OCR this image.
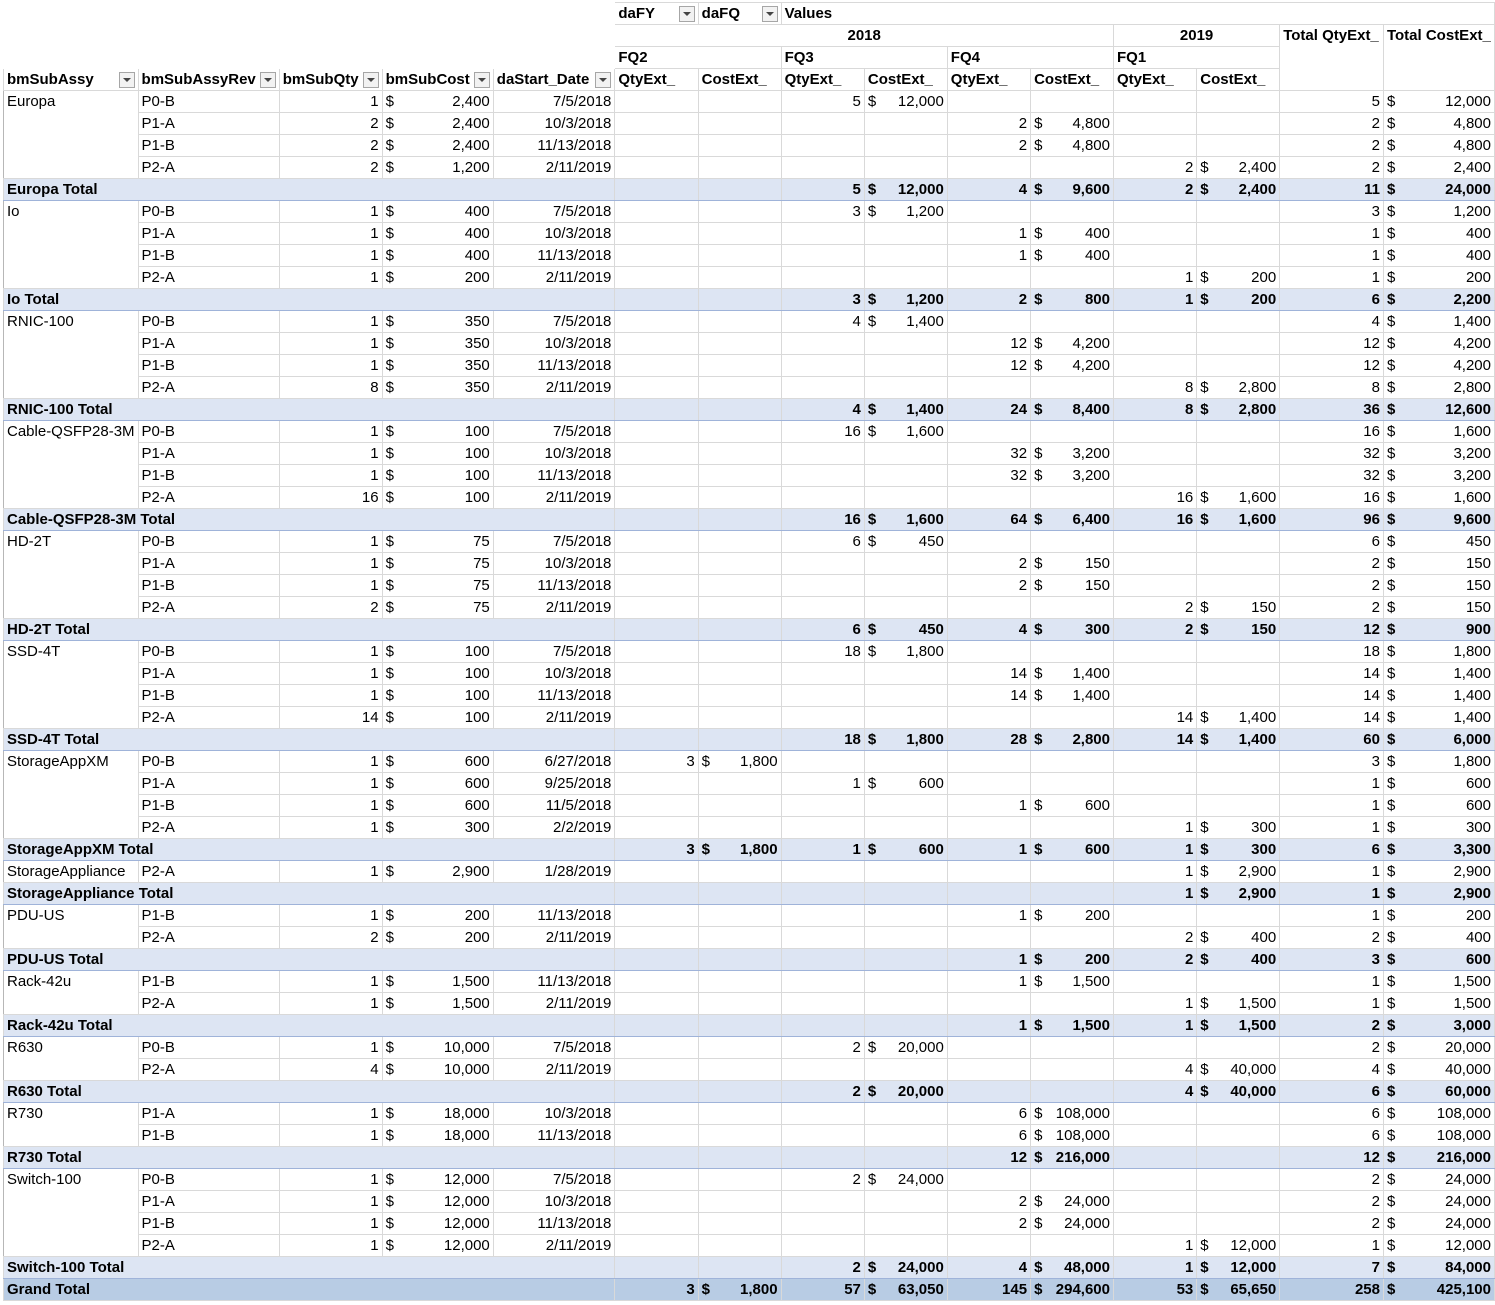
					daFY	daFQ	Values							
					2018						2019		Total QtyExt_	Total CostExt_
					FQ2		FQ3		FQ4		FQ1			

bmSubAssy	bmSubAssyRev	bmSubQty	bmSubCost	daStart_Date	QtyExt_	CostExt_	QtyExt_	CostExt_	QtyExt_	CostExt_	QtyExt_	CostExt_		
Europa	P0-B	1	$ 2,400	7/5/2018			5	$ 12,000					5	$ 12,000

	P1-A	2	$ 2,400	10/3/2018					2	$ 4,800			2	$ 4,800

	P1-B	2	$ 2,400	11/13/2018					2	$ 4,800			2	$ 4,800

	P2-A	2	$ 1,200	2/11/2019							2	$ 2,400	2	$ 2,400

Europa Total							5	$ 12,000	4	$ 9,600	2	$ 2,400	11	$ 24,000

Io	P0-B	1	$ 400	7/5/2018			3	$ 1,200					3	$ 1,200

	P1-A	1	$ 400	10/3/2018					1	$ 400			1	$ 400

	P1-B	1	$ 400	11/13/2018					1	$ 400			1	$ 400

	P2-A	1	$ 200	2/11/2019							1	$ 200	1	$ 200

Io Total							3	$ 1,200	2	$ 800	1	$ 200	6	$ 2,200

RNIC-100	P0-B	1	$ 350	7/5/2018			4	$ 1,400					4	$ 1,400

	P1-A	1	$ 350	10/3/2018					12	$ 4,200			12	$ 4,200

	P1-B	1	$ 350	11/13/2018					12	$ 4,200			12	$ 4,200

	P2-A	8	$ 350	2/11/2019							8	$ 2,800	8	$ 2,800

RNIC-100 Total							4	$ 1,400	24	$ 8,400	8	$ 2,800	36	$ 12,600

Cable-QSFP28-3M	P0-B	1	$ 100	7/5/2018			16	$ 1,600					16	$ 1,600

	P1-A	1	$ 100	10/3/2018					32	$ 3,200			32	$ 3,200

	P1-B	1	$ 100	11/13/2018					32	$ 3,200			32	$ 3,200

	P2-A	16	$ 100	2/11/2019							16	$ 1,600	16	$ 1,600

Cable-QSFP28-3M Total							16	$ 1,600	64	$ 6,400	16	$ 1,600	96	$ 9,600

HD-2T	P0-B	1	$ 75	7/5/2018			6	$ 450					6	$ 450

	P1-A	1	$ 75	10/3/2018					2	$ 150			2	$ 150

	P1-B	1	$ 75	11/13/2018					2	$ 150			2	$ 150

	P2-A	2	$ 75	2/11/2019							2	$ 150	2	$ 150

HD-2T Total							6	$ 450	4	$ 300	2	$ 150	12	$ 900

SSD-4T	P0-B	1	$ 100	7/5/2018			18	$ 1,800					18	$ 1,800

	P1-A	1	$ 100	10/3/2018					14	$ 1,400			14	$ 1,400

	P1-B	1	$ 100	11/13/2018					14	$ 1,400			14	$ 1,400

	P2-A	14	$ 100	2/11/2019							14	$ 1,400	14	$ 1,400

SSD-4T Total							18	$ 1,800	28	$ 2,800	14	$ 1,400	60	$ 6,000

StorageAppXM	P0-B	1	$ 600	6/27/2018	3	$ 1,800							3	$ 1,800

	P1-A	1	$ 600	9/25/2018			1	$ 600					1	$ 600

	P1-B	1	$ 600	11/5/2018					1	$ 600			1	$ 600

	P2-A	1	$ 300	2/2/2019							1	$ 300	1	$ 300

StorageAppXM Total					3	$ 1,800	1	$ 600	1	$ 600	1	$ 300	6	$ 3,300

StorageAppliance	P2-A	1	$ 2,900	1/28/2019							1	$ 2,900	1	$ 2,900

StorageAppliance Total											1	$ 2,900	1	$ 2,900

PDU-US	P1-B	1	$ 200	11/13/2018					1	$ 200			1	$ 200

	P2-A	2	$ 200	2/11/2019							2	$ 400	2	$ 400

PDU-US Total									1	$ 200	2	$ 400	3	$ 600

Rack-42u	P1-B	1	$ 1,500	11/13/2018					1	$ 1,500			1	$ 1,500

	P2-A	1	$ 1,500	2/11/2019							1	$ 1,500	1	$ 1,500

Rack-42u Total									1	$ 1,500	1	$ 1,500	2	$ 3,000

R630	P0-B	1	$ 10,000	7/5/2018			2	$ 20,000					2	$ 20,000

	P2-A	4	$ 10,000	2/11/2019							4	$ 40,000	4	$ 40,000

R630 Total							2	$ 20,000			4	$ 40,000	6	$ 60,000

R730	P1-A	1	$ 18,000	10/3/2018					6	$ 108,000			6	$ 108,000

	P1-B	1	$ 18,000	11/13/2018					6	$ 108,000			6	$ 108,000

R730 Total									12	$ 216,000			12	$ 216,000

Switch-100	P0-B	1	$ 12,000	7/5/2018			2	$ 24,000					2	$ 24,000

	P1-A	1	$ 12,000	10/3/2018					2	$ 24,000			2	$ 24,000

	P1-B	1	$ 12,000	11/13/2018					2	$ 24,000			2	$ 24,000

	P2-A	1	$ 12,000	2/11/2019							1	$ 12,000	1	$ 12,000

Switch-100 Total							2	$ 24,000	4	$ 48,000	1	$ 12,000	7	$ 84,000

Grand Total					3	$ 1,800	57	$ 63,050	145	$ 294,600	53	$ 65,650	258	$ 425,100
